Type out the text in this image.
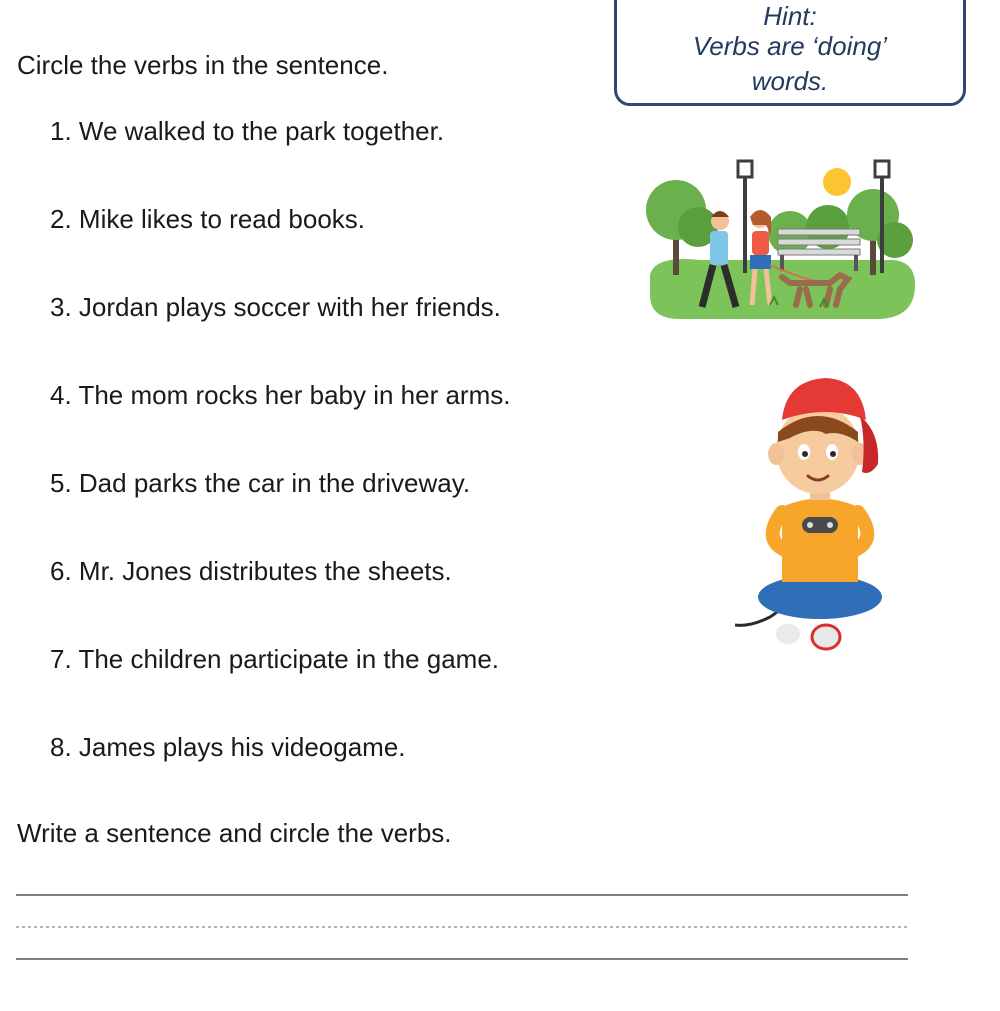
Circle the verbs in the sentence.
Hint:
Verbs are ‘doing’
words.
1. We walked to the park together.
2. Mike likes to read books.
3. Jordan plays soccer with her friends.
4. The mom rocks her baby in her arms.
5. Dad parks the car in the driveway.
6. Mr. Jones distributes the sheets.
7. The children participate in the game.
8. James plays his videogame.
Write a sentence and circle the verbs.
